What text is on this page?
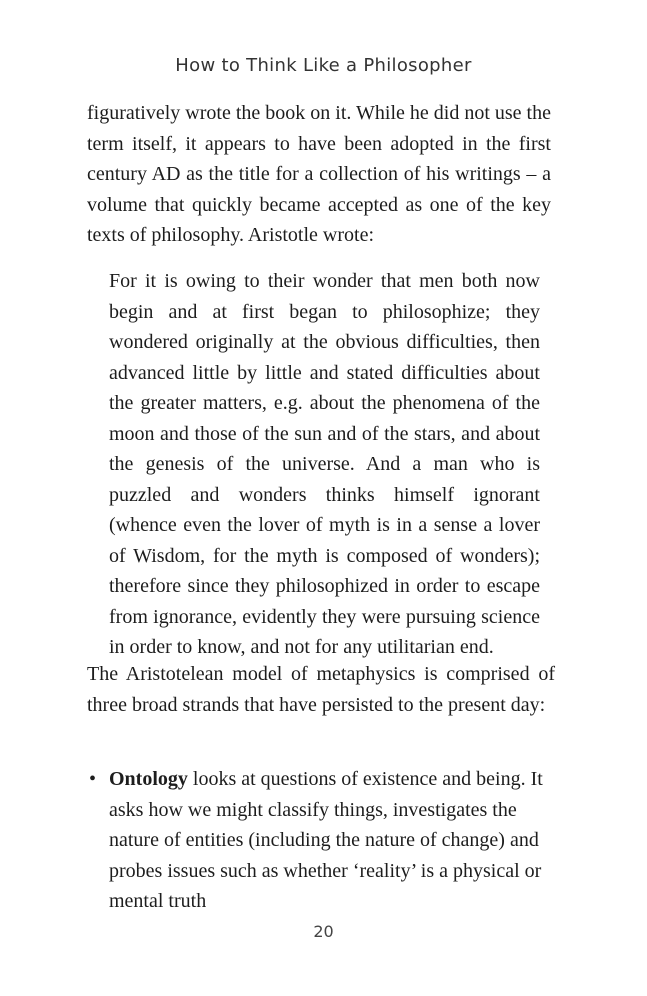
How to Think Like a Philosopher

figuratively wrote the book on it. While he did not use the term itself, it appears to have been adopted in the first century AD as the title for a collection of his writings – a volume that quickly became accepted as one of the key texts of philosophy. Aristotle wrote:

For it is owing to their wonder that men both now begin and at first began to philosophize; they wondered originally at the obvious difficulties, then advanced little by little and stated difficulties about the greater matters, e.g. about the phenomena of the moon and those of the sun and of the stars, and about the genesis of the universe. And a man who is puzzled and wonders thinks himself ignorant (whence even the lover of myth is in a sense a lover of Wisdom, for the myth is composed of wonders); therefore since they philosophized in order to escape from ignorance, evidently they were pursuing science in order to know, and not for any utilitarian end.

The Aristotelean model of metaphysics is comprised of three broad strands that have persisted to the present day:

• Ontology looks at questions of existence and being. It asks how we might classify things, investigates the nature of entities (including the nature of change) and probes issues such as whether ‘reality’ is a physical or mental truth
20
